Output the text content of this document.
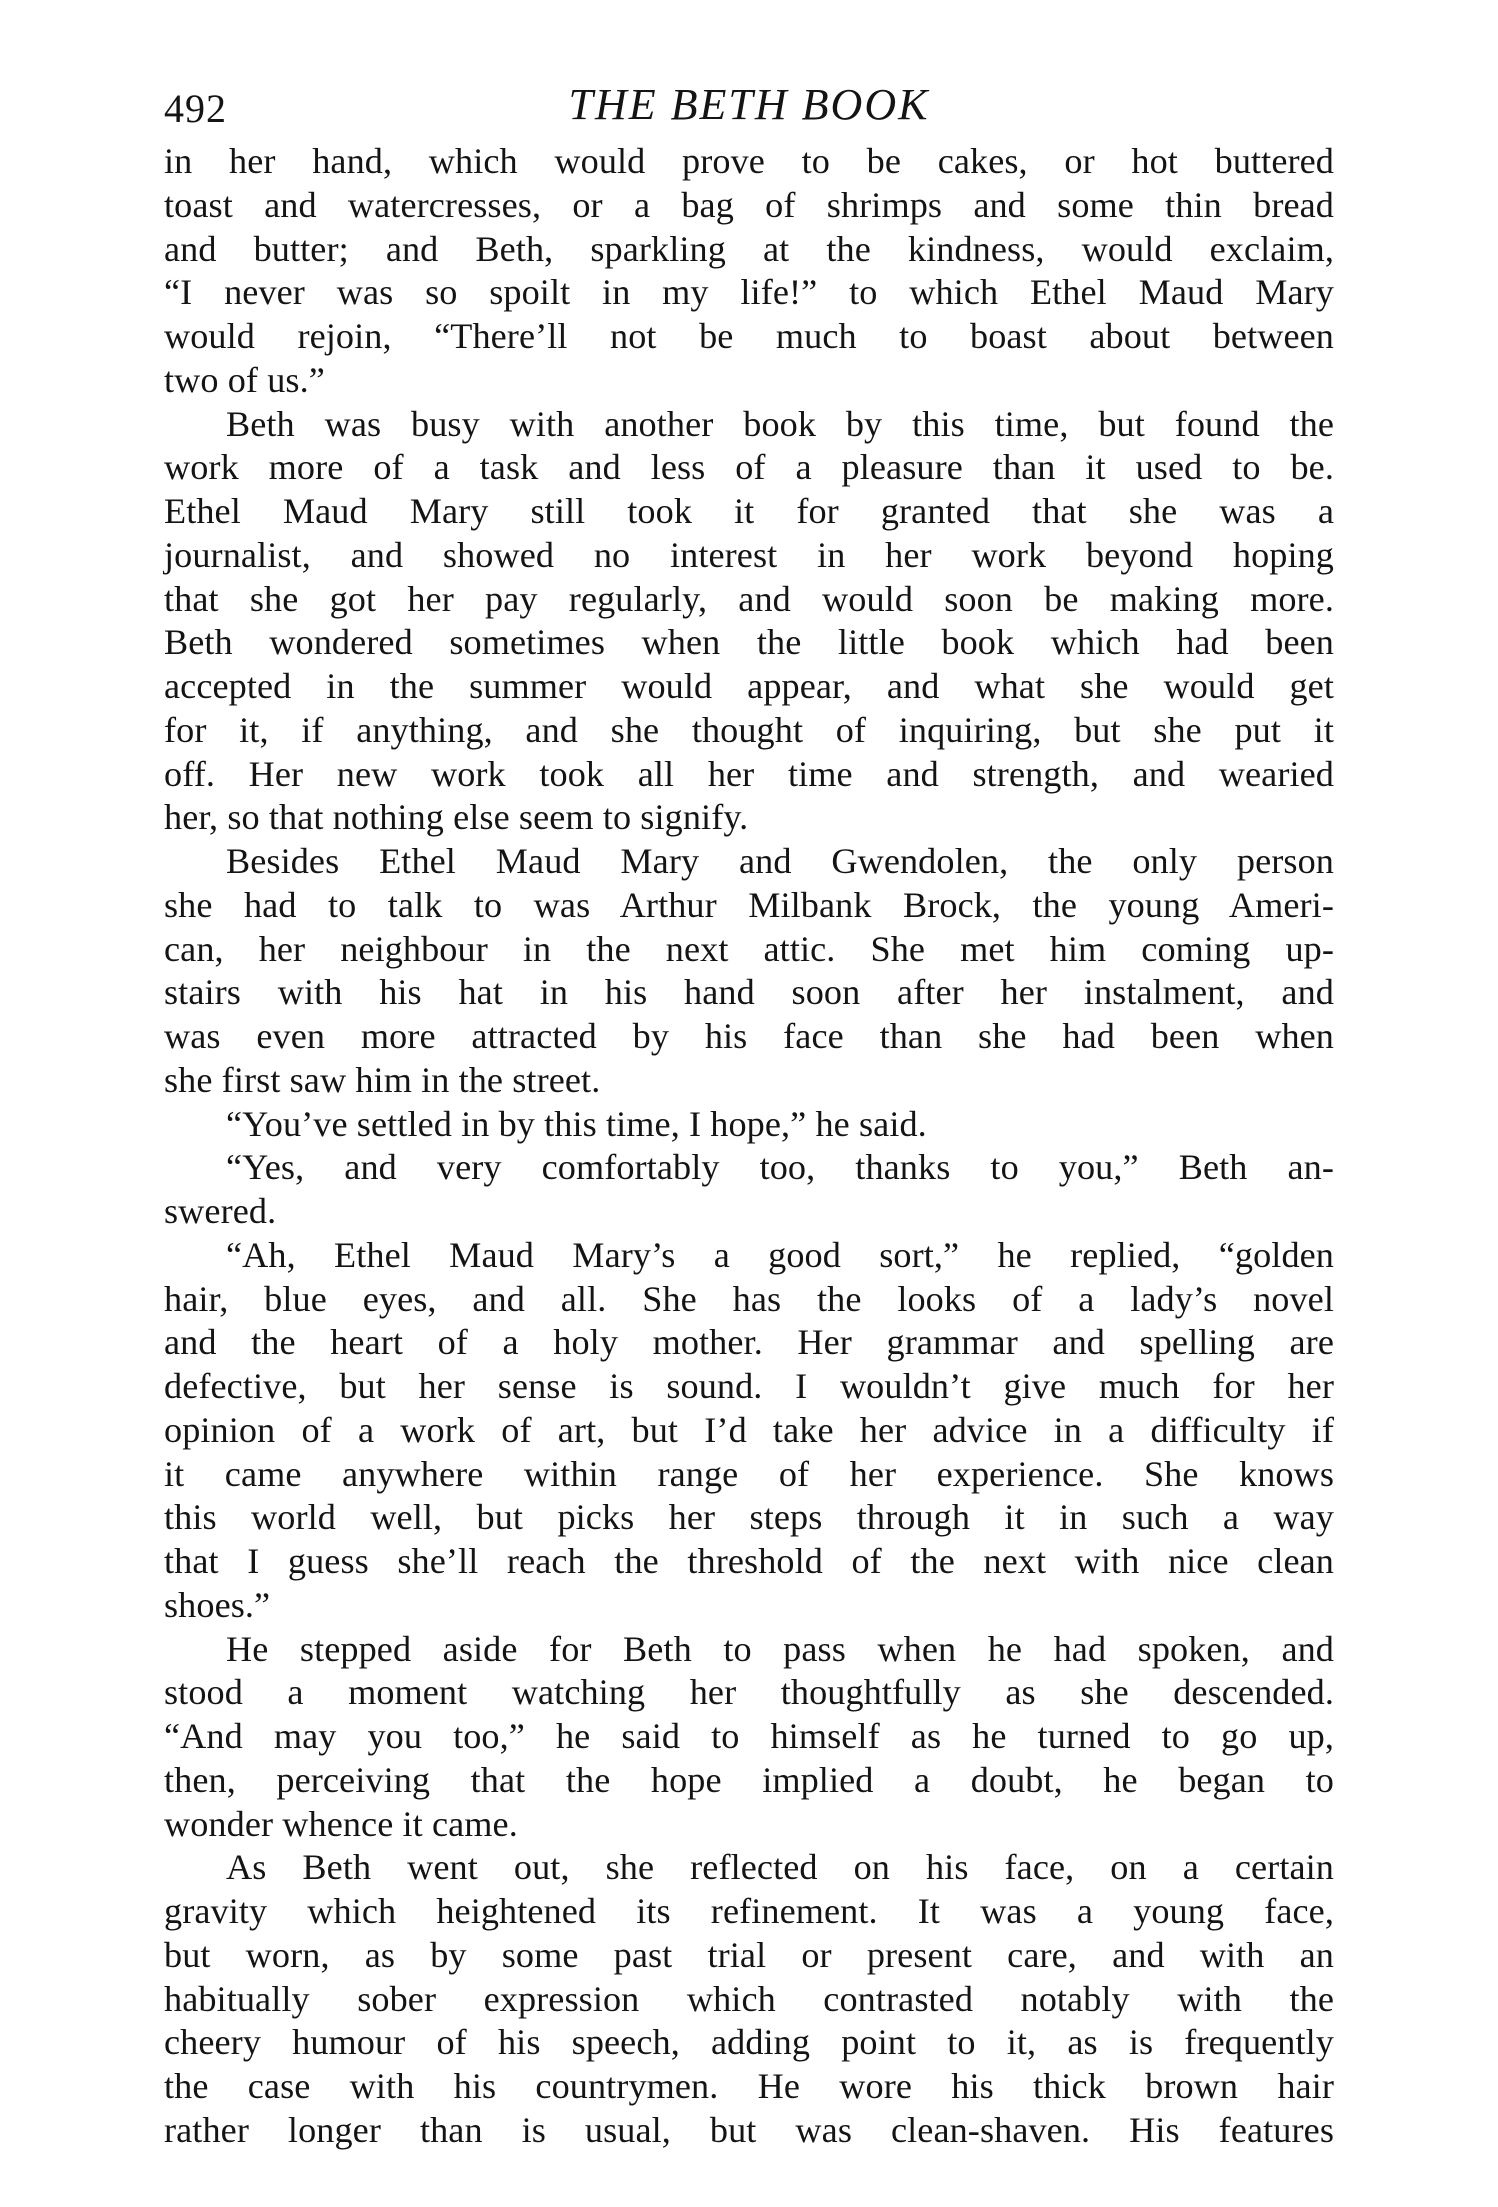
492	THE BETH BOOK
in her hand, which would prove to be cakes, or hot buttered
toast and watercresses, or a bag of shrimps and some thin bread
and butter; and Beth, sparkling at the kindness, would exclaim,
“I never was so spoilt in my life!” to which Ethel Maud Mary
would rejoin, “There’ll not be much to boast about between
two of us.”
Beth was busy with another book by this time, but found the
work more of a task and less of a pleasure than it used to be.
Ethel Maud Mary still took it for granted that she was a
journalist, and showed no interest in her work beyond hoping
that she got her pay regularly, and would soon be making more.
Beth wondered sometimes when the little book which had been
accepted in the summer would appear, and what she would get
for it, if anything, and she thought of inquiring, but she put it
off. Her new work took all her time and strength, and wearied
her, so that nothing else seem to signify.
Besides Ethel Maud Mary and Gwendolen, the only person
she had to talk to was Arthur Milbank Brock, the young Ameri-
can, her neighbour in the next attic. She met him coming up-
stairs with his hat in his hand soon after her instalment, and
was even more attracted by his face than she had been when
she first saw him in the street.
“You’ve settled in by this time, I hope,” he said.
“Yes, and very comfortably too, thanks to you,” Beth an-
swered.
“Ah, Ethel Maud Mary’s a good sort,” he replied, “golden
hair, blue eyes, and all. She has the looks of a lady’s novel
and the heart of a holy mother. Her grammar and spelling are
defective, but her sense is sound. I wouldn’t give much for her
opinion of a work of art, but I’d take her advice in a difficulty if
it came anywhere within range of her experience. She knows
this world well, but picks her steps through it in such a way
that I guess she’ll reach the threshold of the next with nice clean
shoes.”
He stepped aside for Beth to pass when he had spoken, and
stood a moment watching her thoughtfully as she descended.
“And may you too,” he said to himself as he turned to go up,
then, perceiving that the hope implied a doubt, he began to
wonder whence it came.
As Beth went out, she reflected on his face, on a certain
gravity which heightened its refinement. It was a young face,
but worn, as by some past trial or present care, and with an
habitually sober expression which contrasted notably with the
cheery humour of his speech, adding point to it, as is frequently
the case with his countrymen. He wore his thick brown hair
rather longer than is usual, but was clean-shaven. His features
